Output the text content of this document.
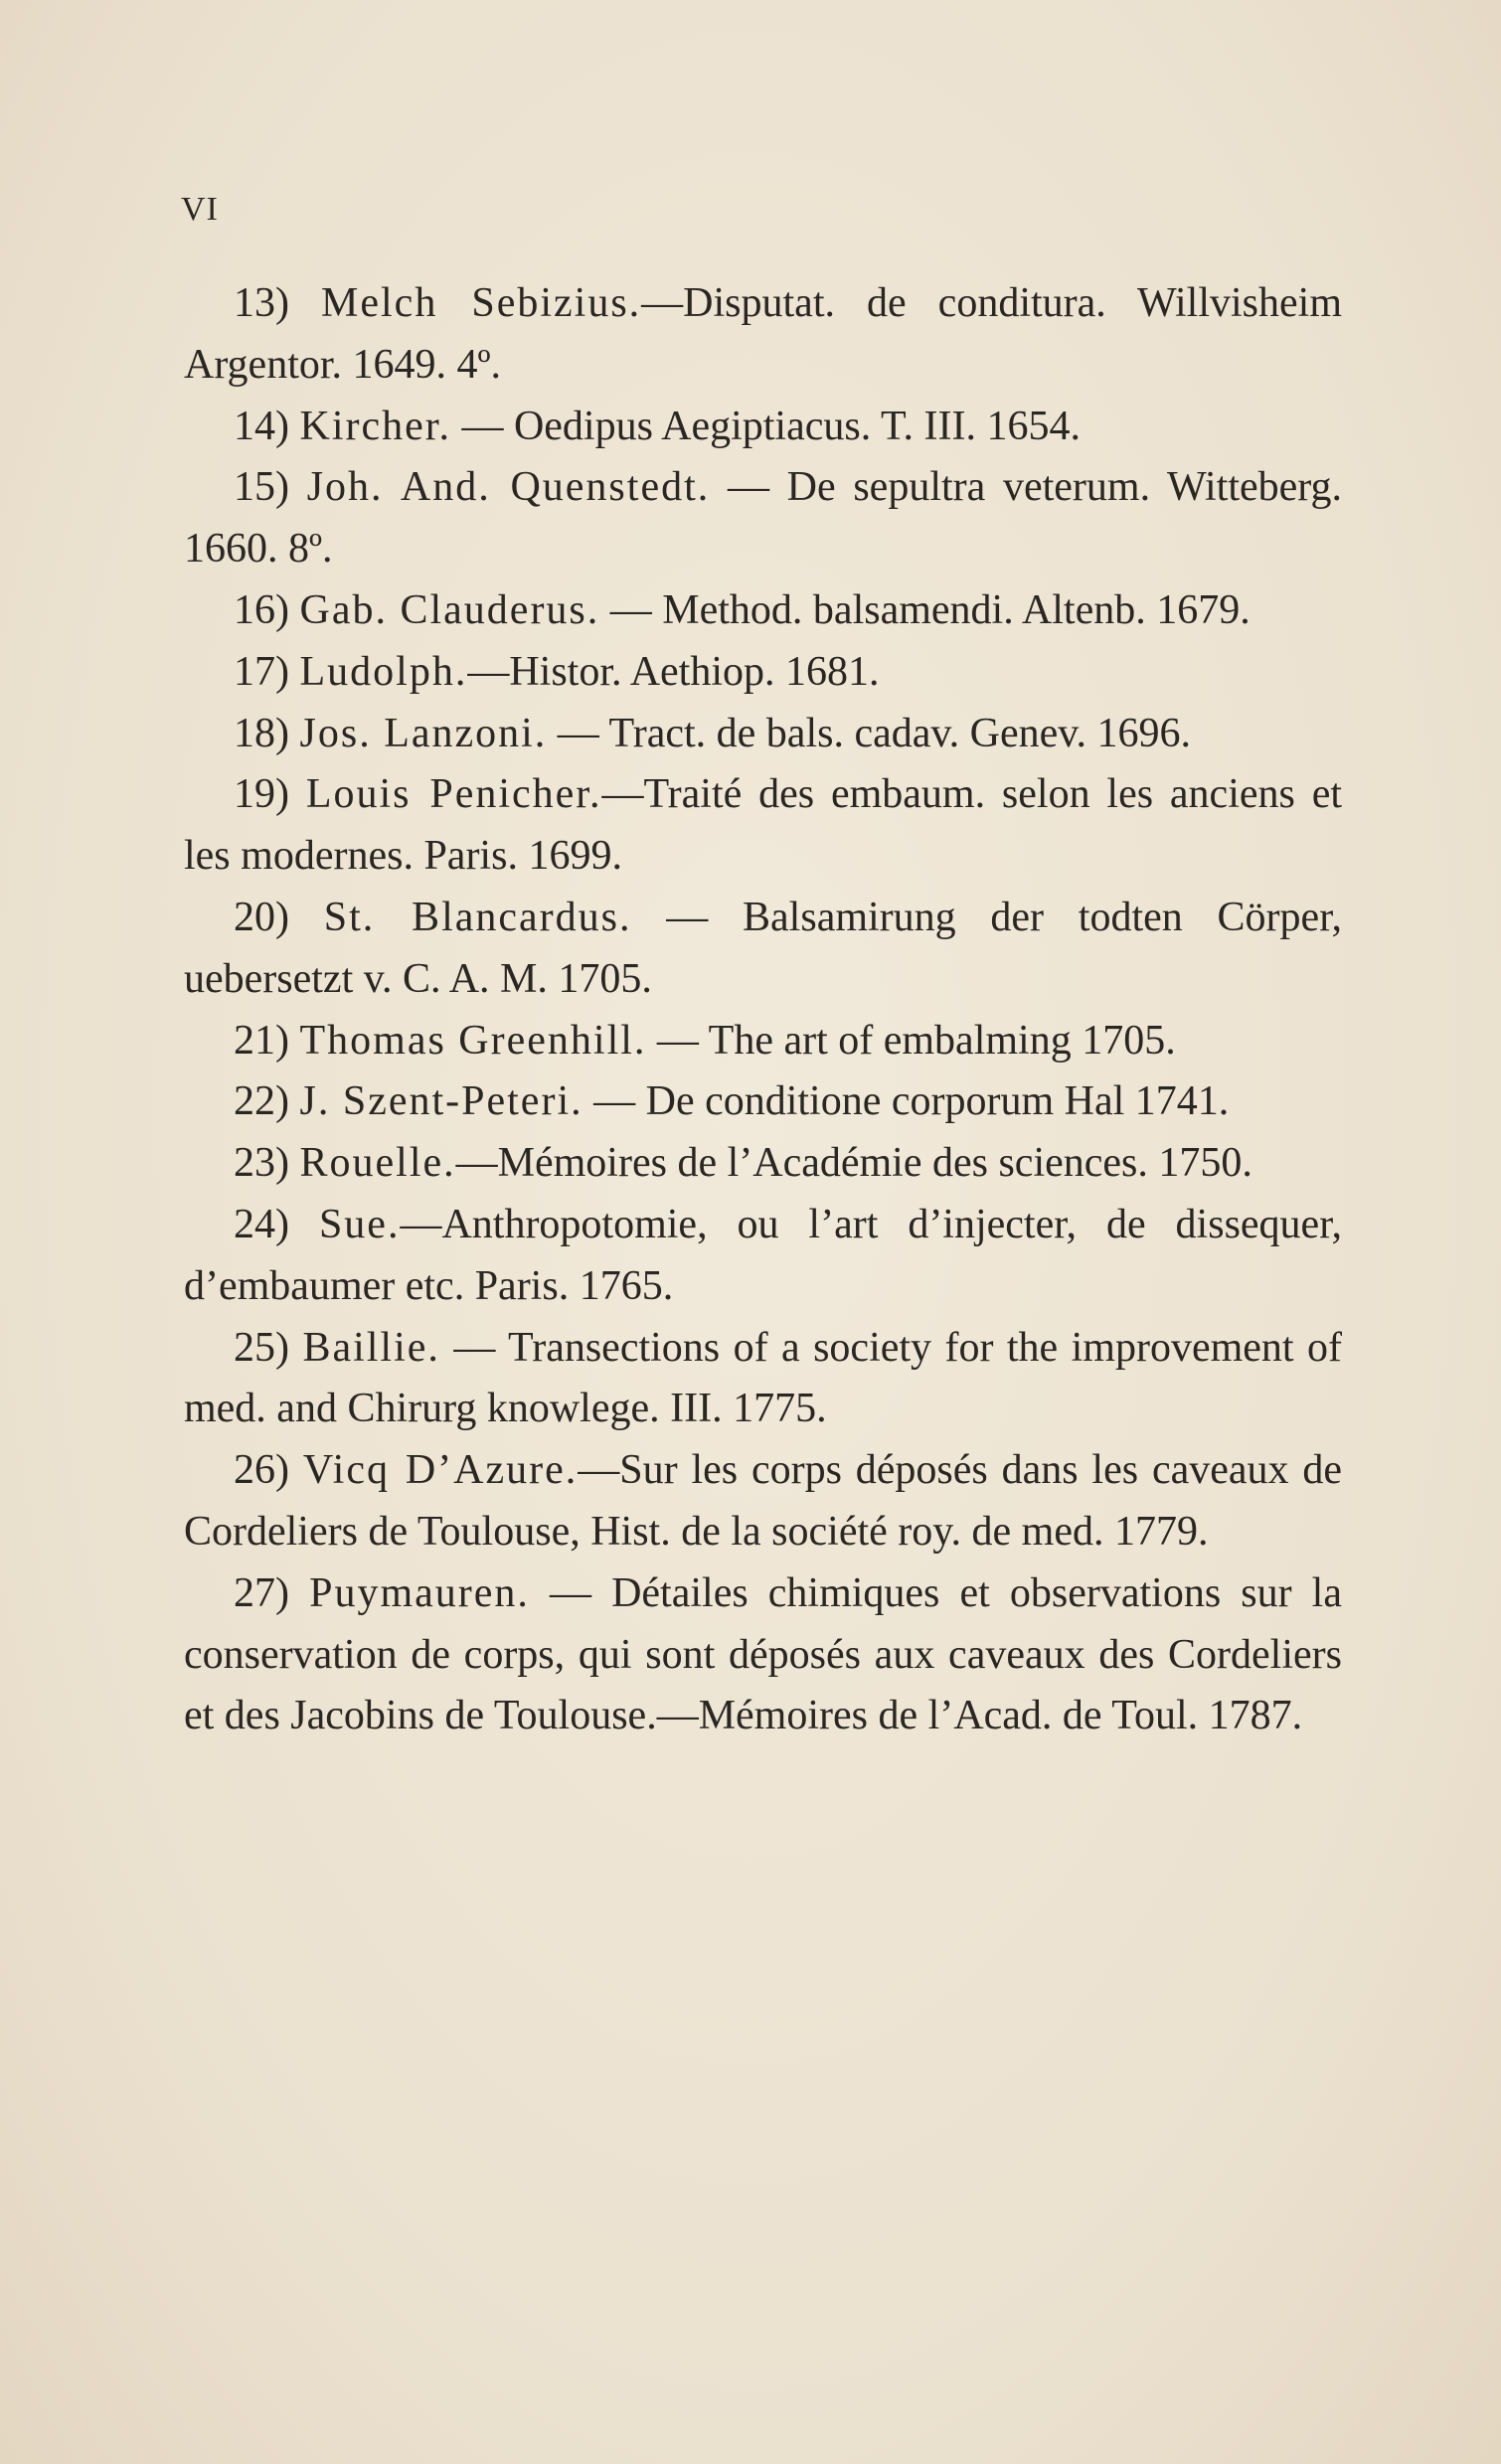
VI

13) Melch Sebizius.—Disputat. de conditura. Willvisheim Argentor. 1649. 4º.

14) Kircher. — Oedipus Aegiptiacus. T. III. 1654.

15) Joh. And. Quenstedt. — De sepultra veterum. Witteberg. 1660. 8º.

16) Gab. Clauderus. — Method. balsamendi. Altenb. 1679.

17) Ludolph.—Histor. Aethiop. 1681.

18) Jos. Lanzoni. — Tract. de bals. cadav. Genev. 1696.

19) Louis Penicher.—Traité des embaum. selon les anciens et les modernes. Paris. 1699.

20) St. Blancardus. — Balsamirung der todten Cörper, uebersetzt v. C. A. M. 1705.

21) Thomas Greenhill. — The art of embalming 1705.

22) J. Szent-Peteri. — De conditione corporum Hal 1741.

23) Rouelle.—Mémoires de l’Académie des sciences. 1750.

24) Sue.—Anthropotomie, ou l’art d’injecter, de dissequer, d’embaumer etc. Paris. 1765.

25) Baillie. — Transections of a society for the improvement of med. and Chirurg knowlege. III. 1775.

26) Vicq D’Azure.—Sur les corps déposés dans les caveaux de Cordeliers de Toulouse, Hist. de la société roy. de med. 1779.

27) Puymauren. — Détailes chimiques et observations sur la conservation de corps, qui sont déposés aux caveaux des Cordeliers et des Jacobins de Toulouse.—Mémoires de l’Acad. de Toul. 1787.
